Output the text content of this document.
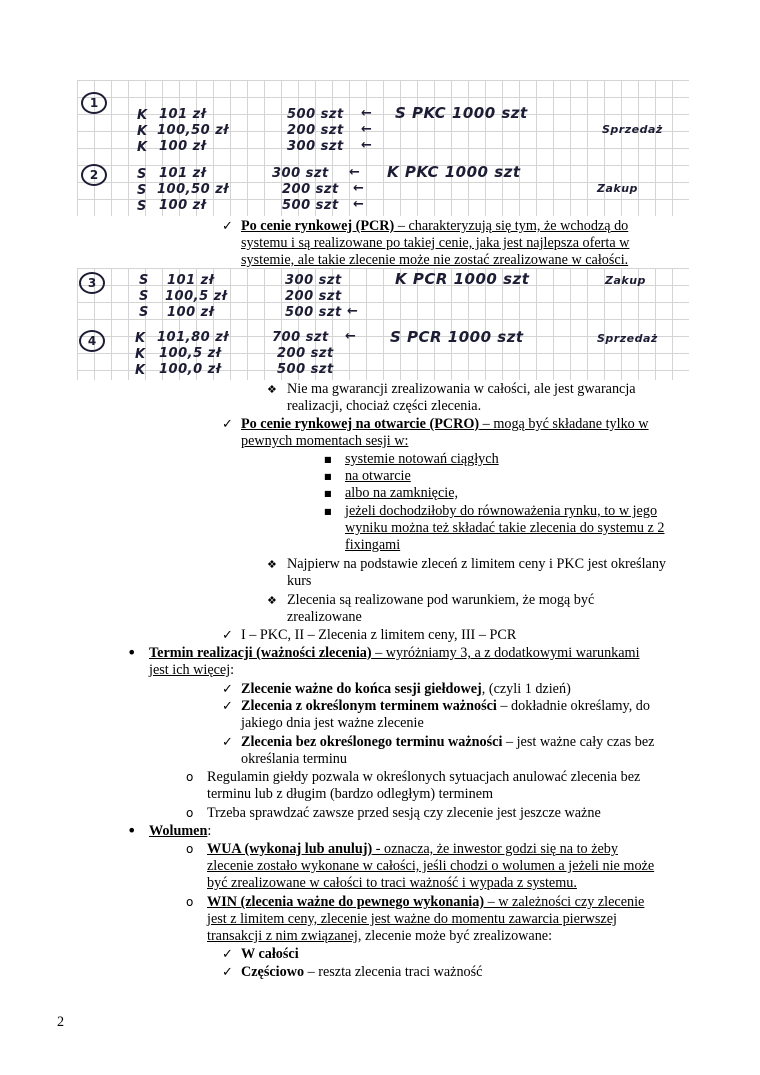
1
K 101 zł	500 szt ← S PKC 1000 szt
K 100,50 zł	200 szt ←	Sprzedaż
K 100 zł	300 szt ←
2	S 101 zł	300 szt ← K PKC 1000 szt
S 100,50 zł	200 szt ←	Zakup
S 100 zł	500 szt ←
✓ Po cenie rynkowej (PCR) – charakteryzują się tym, że wchodzą do
systemu i są realizowane po takiej cenie, jaka jest najlepsza oferta w
systemie, ale takie zlecenie może nie zostać zrealizowane w całości.
3	S 101 zł	300 szt	K PCR 1000 szt	Zakup
S 100,5 zł	200 szt
S 100 zł	500 szt ←
4	K 101,80 zł	700 szt ← S PCR 1000 szt	Sprzedaż
K 100,5 zł	200 szt
K 100,0 zł	500 szt
❖ Nie ma gwarancji zrealizowania w całości, ale jest gwarancja
realizacji, chociaż części zlecenia.
✓ Po cenie rynkowej na otwarcie (PCRO) – mogą być składane tylko w
pewnych momentach sesji w:
■ systemie notowań ciągłych
■ na otwarcie
■ albo na zamknięcie,
■ jeżeli dochodziłoby do równoważenia rynku, to w jego
wyniku można też składać takie zlecenia do systemu z 2
fixingami
❖ Najpierw na podstawie zleceń z limitem ceny i PKC jest określany
kurs
❖ Zlecenia są realizowane pod warunkiem, że mogą być
zrealizowane
✓ I – PKC, II – Zlecenia z limitem ceny, III – PCR
• Termin realizacji (ważności zlecenia) – wyróżniamy 3, a z dodatkowymi warunkami
jest ich więcej:
✓ Zlecenie ważne do końca sesji giełdowej, (czyli 1 dzień)
✓ Zlecenia z określonym terminem ważności – dokładnie określamy, do
jakiego dnia jest ważne zlecenie
✓ Zlecenia bez określonego terminu ważności – jest ważne cały czas bez
określania terminu
o Regulamin giełdy pozwala w określonych sytuacjach anulować zlecenia bez
terminu lub z długim (bardzo odległym) terminem
o Trzeba sprawdzać zawsze przed sesją czy zlecenie jest jeszcze ważne
• Wolumen:
o WUA (wykonaj lub anuluj) - oznacza, że inwestor godzi się na to żeby
zlecenie zostało wykonane w całości, jeśli chodzi o wolumen a jeżeli nie może
być zrealizowane w całości to traci ważność i wypada z systemu.
o WIN (zlecenia ważne do pewnego wykonania) – w zależności czy zlecenie
jest z limitem ceny, zlecenie jest ważne do momentu zawarcia pierwszej
transakcji z nim związanej, zlecenie może być zrealizowane:
✓ W całości
✓ Częściowo – reszta zlecenia traci ważność
2
